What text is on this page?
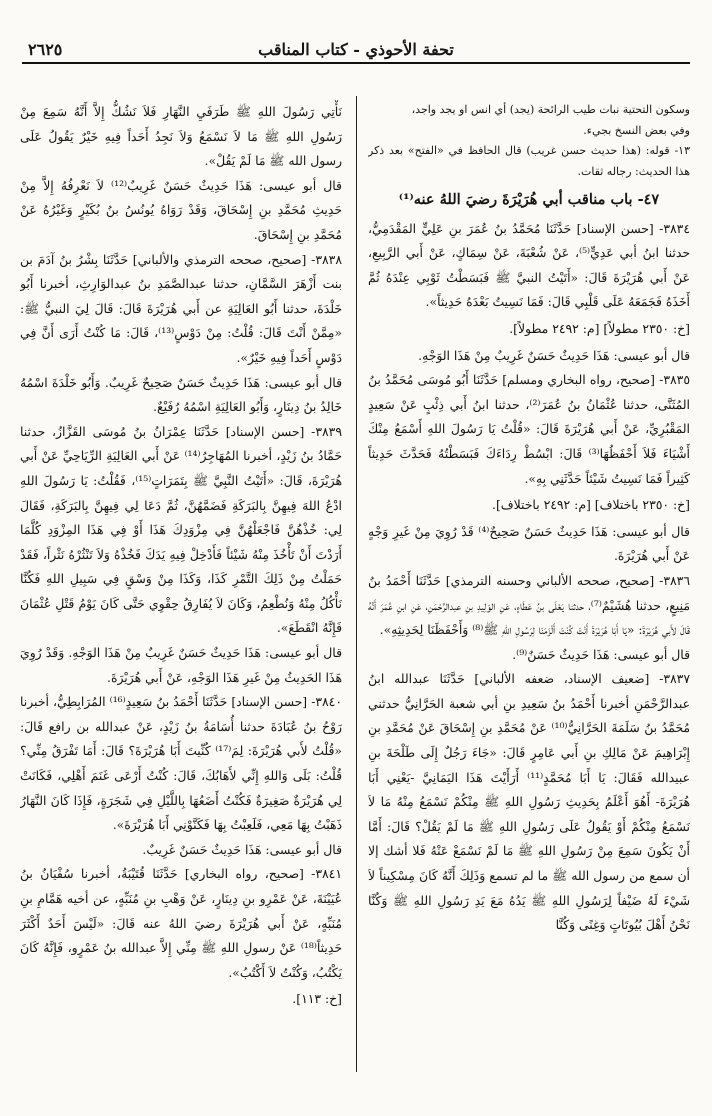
تحفة الأحوذي - كتاب المناقب
٢٦٢٥

وسكون التحتية نبات طيب الرائحة (يجد) أي انس او يجد واجد،

وفي بعض النسخ بجيء.

١٣- قوله: (هذا حديث حسن غريب) قال الحافظ في «الفتح» بعد ذكر هذا الحديث: رجاله ثقات.

٤٧- باب مناقب أبي هُرَيْرَةَ رضيَ اللهُ عنه⁽¹⁾

٣٨٣٤- [حسن الإسناد] حَدَّثَنَا مُحَمَّدُ بنُ عُمَرَ بنِ عَلِيٍّ المَقْدَمِيُّ، حدثنا ابنُ أبي عَدِيٍّ⁽⁵⁾، عَنْ شُعْبَةَ، عَنْ سِمَاكٍ، عَنْ أَبي الرَّبِيعِ، عَنْ أَبي هُرَيْرَةَ قَالَ: «أَتَيْتُ النبيَّ ﷺ فَبَسَطْتُ ثَوْبِي عِنْدَهُ ثُمَّ أَخَذَهُ فَجَمَعَهُ عَلَى قَلْبِي قَالَ: فَمَا نَسِيتُ بَعْدَهُ حَدِيثاً».

[خ: ٢٣٥٠ مطولاً] [م: ٢٤٩٢ مطولاً].

قال أبو عيسى: هَذَا حَدِيثٌ حَسَنٌ غَرِيبٌ مِنْ هَذَا الوَجْهِ.

٣٨٣٥- [صحيح، رواه البخاري ومسلم] حَدَّثَنَا أَبُو مُوسَى مُحَمَّدُ بنُ المُثَنَّى، حدثنا عُثْمَانُ بنُ عُمَرَ⁽²⁾، حدثنا ابنُ أَبي ذِئْبٍ عَنْ سَعِيدٍ المَقْبُرِيِّ، عَنْ أَبي هُرَيْرَةَ قَالَ: «قُلْتُ يَا رَسُولَ اللهِ أَسْمَعُ مِنْكَ أَشْيَاءَ فَلاَ أَحْفَظُهَا⁽³⁾ قَالَ: ابْسُطْ رِدَاءَكَ فَبَسَطْتُهُ فَحَدَّثَ حَدِيثاً كَثِيراً فَمَا نَسِيتُ شَيْئاً حَدَّثَنِي بِهِ».

[خ: ٢٣٥٠ باختلاف] [م: ٢٤٩٢ باختلاف].

قال أبو عيسى: هَذَا حَدِيثٌ حَسَنٌ صَحِيحٌ⁽⁴⁾ قَدْ رُوِيَ مِنْ غَيرِ وَجْهٍ عَنْ أَبي هُرَيْرَةَ.

٣٨٣٦- [صحيح، صححه الألباني وحسنه الترمذي] حَدَّثَنَا أَحْمَدُ بنُ مَنِيعٍ، حدثنا هُشَيْمٌ⁽⁷⁾، حدثنا يَعْلَى بنُ عَطَاءٍ، عَنِ الوَلِيدِ بنِ عبدالرَّحْمَنِ، عَنِ ابنِ عُمَرَ أَنَّهُ قَالَ لأَبي هُرَيْرَةَ: «يَا أَبَا هُرَيْرَةَ أَنْتَ كُنْتَ أَلْزَمَنَا لِرَسُولِ اللهِ ﷺ⁽⁸⁾ وَأَحْفَظَنَا لِحَدِيثِهِ».

قال أبو عيسى: هَذَا حَدِيثٌ حَسَنٌ⁽⁹⁾.

٣٨٣٧- [ضعيف الإسناد، ضعفه الألباني] حَدَّثَنَا عبدالله ابنُ عبدالرَّحْمَنِ أخبرنا أَحْمَدُ بنُ سَعِيدِ بنِ أبي شعبة الحَرَّانِيُّ حدثني مُحَمَّدُ بنُ سَلَمَةَ الحَرَّانِيُّ⁽¹⁰⁾ عَنْ مُحَمَّدِ بنِ إِسْحَاقَ عَنْ مُحَمَّدِ بنِ إِبْرَاهِيمَ عَنْ مَالِكِ بنِ أَبي عَامِرٍ قَالَ: «جَاءَ رَجُلٌ إِلَى طَلْحَةَ بنِ عبيدالله فَقَالَ: يَا أَبَا مُحَمَّدٍ⁽¹¹⁾ أَرَأَيْتَ هَذَا اليَمَانِيَّ -يَعْنِي أَبَا هُرَيْرَةَ- أَهُوَ أَعْلَمُ بِحَدِيثِ رَسُولِ اللهِ ﷺ مِنْكُمْ نَسْمَعُ مِنْهُ مَا لاَ نَسْمَعُ مِنْكُمْ أَوْ يَقُولُ عَلَى رَسُولِ اللهِ ﷺ مَا لَمْ يَقُلْ؟ قَالَ: أَمَّا أَنْ يَكُونَ سَمِعَ مِنْ رَسُولِ اللهِ ﷺ مَا لَمْ نَسْمَعْ عَنْهُ فَلا أشك إلا أن سمع من رسول الله ﷺ ما لم تسمع وَذَلِكَ أَنَّهُ كَانَ مِسْكِيناً لاَ شَيْءَ لَهُ ضَيْفاً لِرَسُولِ اللهِ ﷺ يَدُهُ مَعَ يَدِ رَسُولِ اللهِ ﷺ وَكُنَّا نَحْنُ أَهْلَ بُيُوتَاتٍ وَغِنًى وَكُنَّا

نَأْتِي رَسُولَ اللهِ ﷺ طَرَفَيِ النَّهَارِ فَلاَ نَشُكُّ إِلاَّ أَنَّهُ سَمِعَ مِنْ رَسُولِ اللهِ ﷺ مَا لاَ نَسْمَعُ وَلاَ نَجِدُ أَحَداً فِيهِ خَيْرٌ يَقُولُ عَلَى رسول الله ﷺ مَا لَمْ يَقُلْ».

قال أبو عيسى: هَذَا حَدِيثٌ حَسَنٌ غَرِيبٌ⁽¹²⁾ لاَ نَعْرِفُهُ إِلاَّ مِنْ حَدِيثِ مُحَمَّدِ بنِ إِسْحَاقَ، وَقَدْ رَوَاهُ يُونُسُ بنُ بُكَيْرٍ وَغَيْرُهُ عَنْ مُحَمَّدِ بنِ إِسْحَاقَ.

٣٨٣٨- [صحيح، صححه الترمذي والألباني] حَدَّثَنَا بِشْرُ بنُ آدَمَ بن بنت أَزْهَرَ السَّمَّانِ، حدثنا عبدالصَّمَدِ بنُ عبدالوَارِثِ، أخبرنا أَبُو خَلْدَةَ، حدثنا أَبُو العَالِيَةِ عن أَبي هُرَيْرَةَ قَالَ: قَالَ لِيَ النبيُّ ﷺ: «مِمَّنْ أَنْتَ قَالَ: قُلْتُ: مِنْ دَوْسٍ⁽¹³⁾، قَالَ: مَا كُنْتُ أَرَى أَنَّ فِي دَوْسٍ أَحَداً فِيهِ خَيْرٌ».

قال أبو عيسى: هَذَا حَدِيثٌ حَسَنٌ صَحِيحٌ غَرِيبٌ. وَأَبُو خَلْدَةَ اسْمُهُ خَالِدُ بنُ دِينَارٍ، وَأَبُو العَالِيَةِ اسْمُهُ رُفَيْعٌ.

٣٨٣٩- [حسن الإسناد] حَدَّثَنَا عِمْرَانُ بنُ مُوسَى القَزَّازُ، حدثنا حَمَّادُ بنُ زَيْدٍ، أخبرنا المُهَاجِرُ⁽¹⁴⁾ عَنْ أَبي العَالِيَةِ الرِّيَاحِيِّ عَنْ أَبي هُرَيْرَةَ، قَالَ: «أَتَيْتُ النَّبِيَّ ﷺ بِتَمَرَاتٍ⁽¹⁵⁾، فَقُلْتُ: يَا رَسُولَ اللهِ ادْعُ اللهَ فِيهِنَّ بِالبَرَكَةِ فَضَمَّهُنَّ، ثُمَّ دَعَا لِي فِيهِنَّ بِالبَرَكَةِ، فَقَالَ لِي: خُذْهُنَّ فَاجْعَلْهُنَّ فِي مِزْوَدِكَ هَذَا أَوْ فِي هَذَا المِزْوَدِ كُلَّمَا أَرَدْتَ أَنْ تَأْخُذَ مِنْهُ شَيْئاً فَأَدْخِلْ فِيهِ يَدَكَ فَخُذْهُ وَلاَ تَنْثُرْهُ نَثْراً، فَقَدْ حَمَلْتُ مِنْ ذَلِكَ التَّمْرِ كَذَا، وَكَذَا مِنْ وَسْقٍ فِي سَبِيلِ اللهِ فَكُنَّا نَأْكُلُ مِنْهُ وَنُطْعِمُ، وَكَانَ لاَ يُفَارِقُ حِقْوِي حَتَّى كَانَ يَوْمُ قَتْلِ عُثْمَانَ فَإِنَّهُ انْقَطَعَ».

قال أبو عيسى: هَذَا حَدِيثٌ حَسَنٌ غَرِيبٌ مِنْ هَذَا الوَجْهِ. وَقَدْ رُوِيَ هَذَا الحَدِيثُ مِنْ غَيرِ هَذَا الوَجْهِ، عَنْ أَبي هُرَيْرَةَ.

٣٨٤٠- [حسن الإسناد] حَدَّثَنَا أَحْمَدُ بنُ سَعِيدٍ⁽¹⁶⁾ المُرَابِطِيُّ، أخبرنا رَوْحُ بنُ عُبَادَةَ حدثنا أُسَامَةُ بنُ زَيْدٍ، عَنْ عبدالله بن رافع قَالَ: «قُلْتُ لأَبي هُرَيْرَةَ: لِمَ⁽¹⁷⁾ كُنِّيتَ أَبَا هُرَيْرَةَ؟ قَالَ: أَمَا تَفْرَقُ مِنِّي؟ قُلْتُ: بَلَى وَاللهِ إِنِّي لأَهَابُكَ، قَالَ: كُنْتُ أَرْعَى غَنَمَ أَهْلِي، فَكَانَتْ لِي هُرَيْرَةٌ صَغِيرَةٌ فَكُنْتُ أَضَعُهَا بِاللَّيْلِ فِي شَجَرَةٍ، فَإِذَا كَانَ النَّهَارُ ذَهَبْتُ بِهَا مَعِي، فَلَعِبْتُ بِهَا فَكَنَّوْنِي أَبَا هُرَيْرَةَ».

قال أبو عيسى: هَذَا حَدِيثٌ حَسَنٌ غَرِيبٌ.

٣٨٤١- [صحيح، رواه البخاري] حَدَّثَنَا قُتَيْبَةُ، أخبرنا سُفْيَانُ بنُ عُيَيْنَةَ، عَنْ عَمْرِو بنِ دِينَارٍ، عَنْ وَهْبِ بنِ مُنَبِّهٍ، عن أخيه هَمَّامِ بنِ مُنَبِّهٍ، عَنْ أَبي هُرَيْرَةَ رضيَ اللهُ عنه قَالَ: «لَيْسَ أَحَدٌ أَكْثَرَ حَدِيثاً⁽¹⁸⁾ عَنْ رسولِ اللهِ ﷺ مِنِّي إِلاَّ عبدالله بنُ عَمْرٍو، فَإِنَّهُ كَانَ يَكْتُبُ، وَكُنْتُ لاَ أَكْتُبُ».

[خ: ١١٣].
